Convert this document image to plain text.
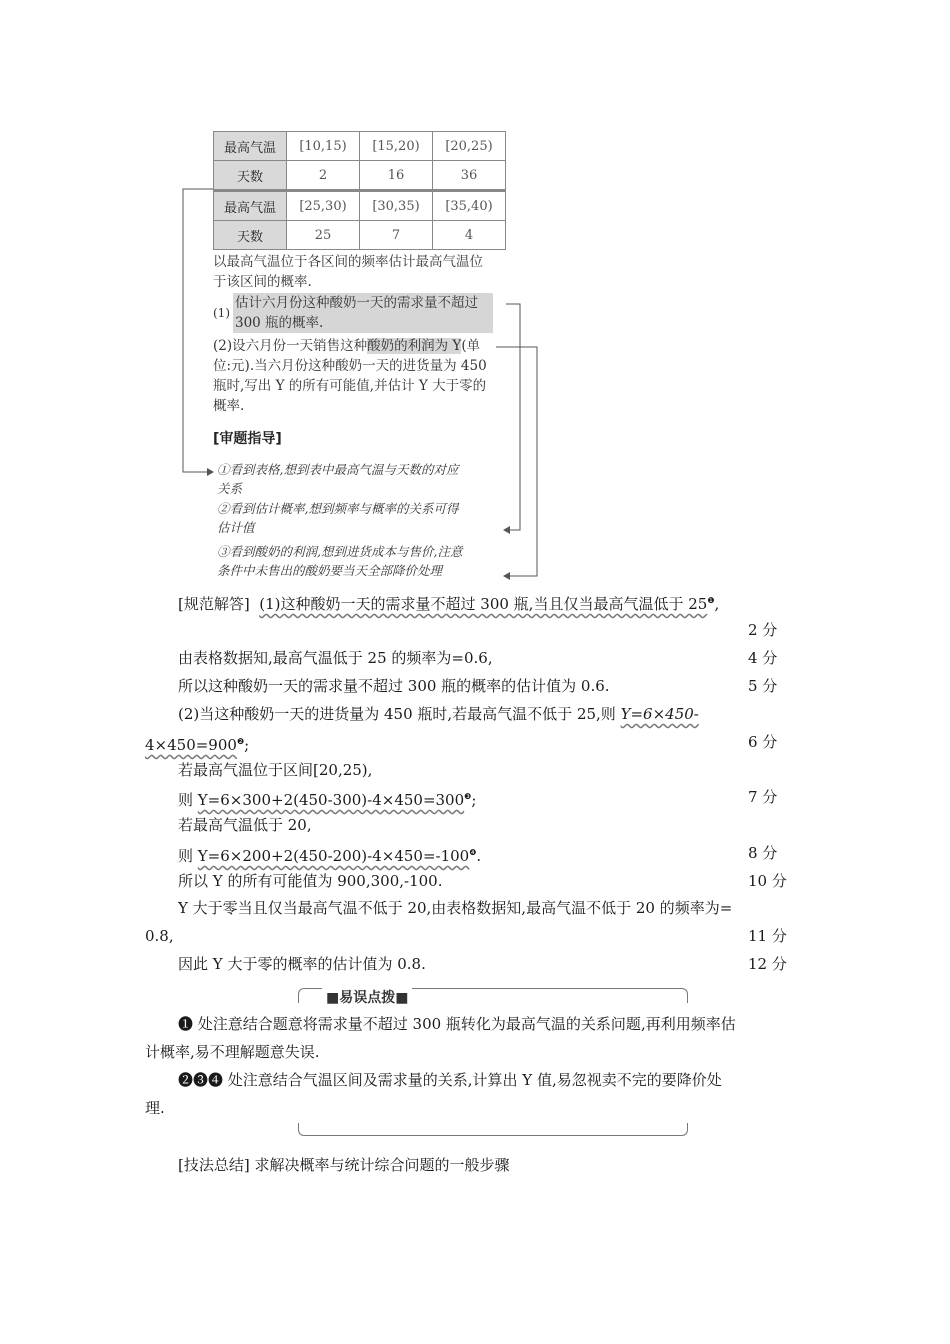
最高气温	[10,15)	[15,20)	[20,25)
天数	2	16	36
最高气温	[25,30)	[30,35)	[35,40)
天数	25	7	4
以最高气温位于各区间的频率估计最高气温位
于该区间的概率.
(1)
估计六月份这种酸奶一天的需求量不超过
300 瓶的概率.
(2)设六月份一天销售这种酸奶的利润为 Y(单
位:元).当六月份这种酸奶一天的进货量为 450
瓶时,写出 Y 的所有可能值,并估计 Y 大于零的
概率.
[审题指导]
①看到表格,想到表中最高气温与天数的对应
关系
②看到估计概率,想到频率与概率的关系可得
估计值
③看到酸奶的利润,想到进货成本与售价,注意
条件中未售出的酸奶要当天全部降价处理
[规范解答] (1)这种酸奶一天的需求量不超过 300 瓶,当且仅当最高气温低于 $25^❶$,
2 分
由表格数据知,最高气温低于 25 的频率为=0.6,	4 分
所以这种酸奶一天的需求量不超过 300 瓶的概率的估计值为 0.6.	5 分
(2)当这种酸奶一天的进货量为 450 瓶时,若最高气温不低于 25,则 Y=6×450-
$4\times 450=900^❷$;	6 分
若最高气温位于区间[20,25),
则 $Y=6\times 300+2(450-300)-4\times 450=300^❸$;	7 分
若最高气温低于 20,
则 $Y=6\times 200+2(450-200)-4\times 450=-100^❹$.	8 分
所以 Y 的所有可能值为 900,300,-100.	10 分
Y 大于零当且仅当最高气温不低于 20,由表格数据知,最高气温不低于 20 的频率为=
0.8,	11 分
因此 Y 大于零的概率的估计值为 0.8.	12 分
■易误点拨■
❶ 处注意结合题意将需求量不超过 300 瓶转化为最高气温的关系问题,再利用频率估
计概率,易不理解题意失误.
❷❸❹ 处注意结合气温区间及需求量的关系,计算出 Y 值,易忽视卖不完的要降价处
理.
[技法总结] 求解决概率与统计综合问题的一般步骤
